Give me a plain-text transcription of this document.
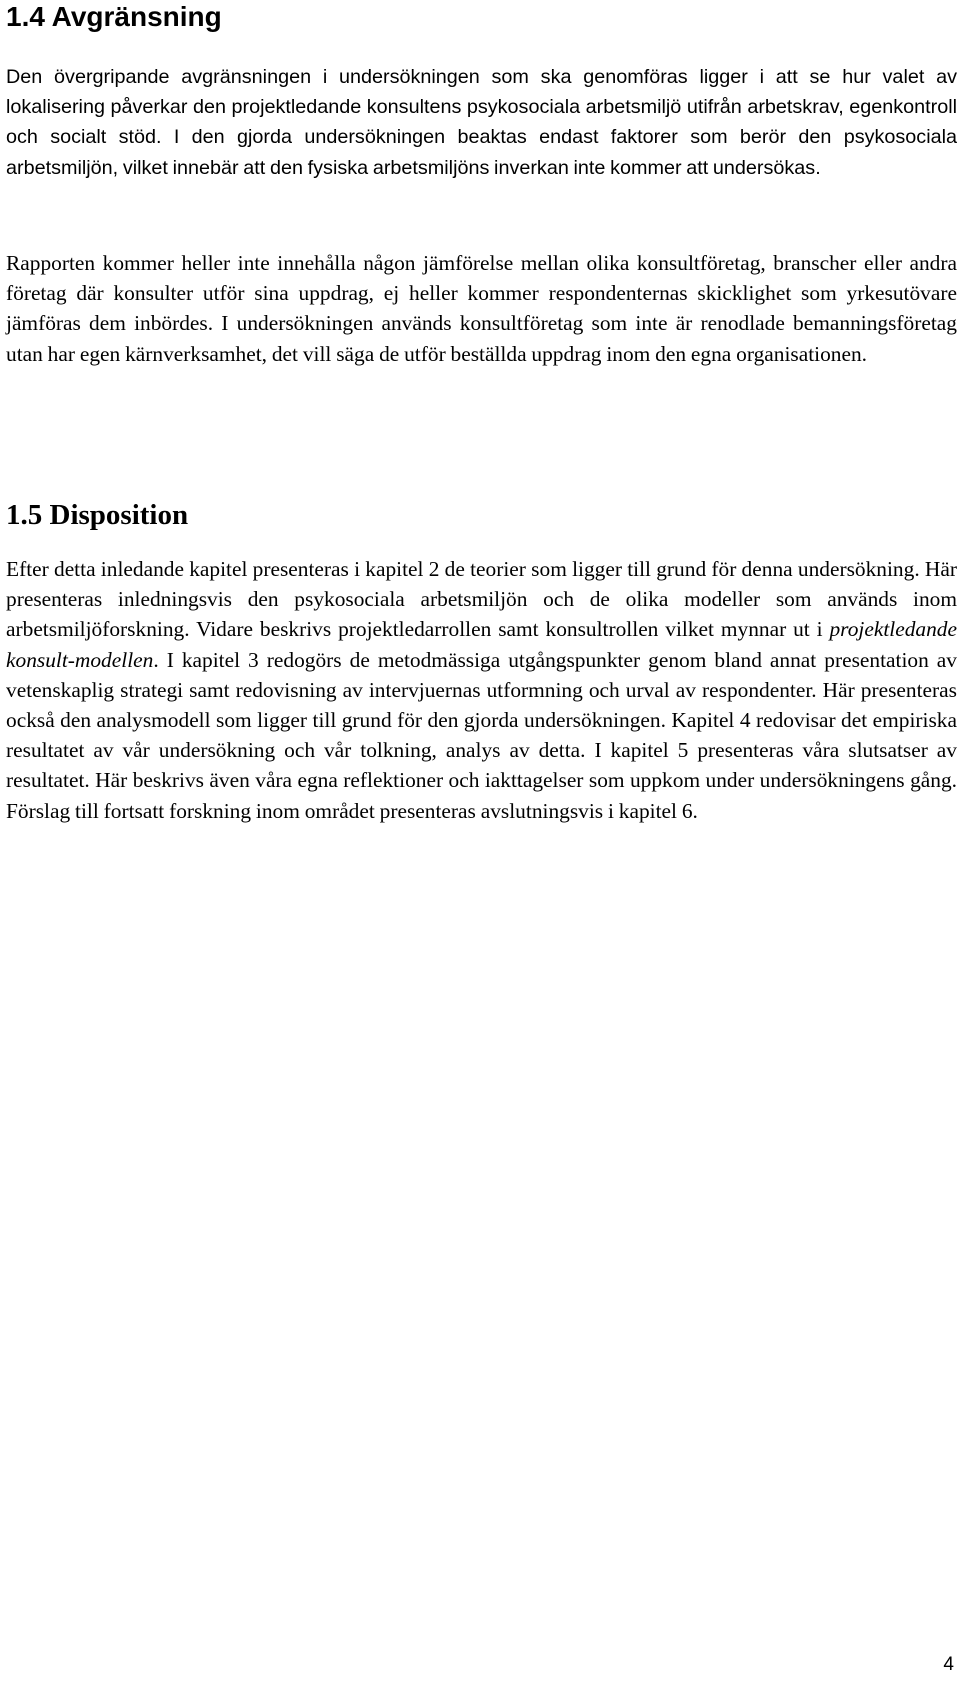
1.4 Avgränsning

Den övergripande avgränsningen i undersökningen som ska genomföras ligger i att se hur valet av lokalisering påverkar den projektledande konsultens psykosociala arbetsmiljö utifrån arbetskrav, egenkontroll och socialt stöd. I den gjorda undersökningen beaktas endast faktorer som berör den psykosociala arbetsmiljön, vilket innebär att den fysiska arbetsmiljöns inverkan inte kommer att undersökas.

Rapporten kommer heller inte innehålla någon jämförelse mellan olika konsultföretag, branscher eller andra företag där konsulter utför sina uppdrag, ej heller kommer respondenternas skicklighet som yrkesutövare jämföras dem inbördes. I undersökningen används konsultföretag som inte är renodlade bemanningsföretag utan har egen kärnverksamhet, det vill säga de utför beställda uppdrag inom den egna organisationen.

1.5 Disposition

Efter detta inledande kapitel presenteras i kapitel 2 de teorier som ligger till grund för denna undersökning. Här presenteras inledningsvis den psykosociala arbetsmiljön och de olika modeller som används inom arbetsmiljöforskning. Vidare beskrivs projektledarrollen samt konsultrollen vilket mynnar ut i projektledande konsult-modellen. I kapitel 3 redogörs de metodmässiga utgångspunkter genom bland annat presentation av vetenskaplig strategi samt redovisning av intervjuernas utformning och urval av respondenter. Här presenteras också den analysmodell som ligger till grund för den gjorda undersökningen. Kapitel 4 redovisar det empiriska resultatet av vår undersökning och vår tolkning, analys av detta. I kapitel 5 presenteras våra slutsatser av resultatet. Här beskrivs även våra egna reflektioner och iakttagelser som uppkom under undersökningens gång. Förslag till fortsatt forskning inom området presenteras avslutningsvis i kapitel 6.

4
